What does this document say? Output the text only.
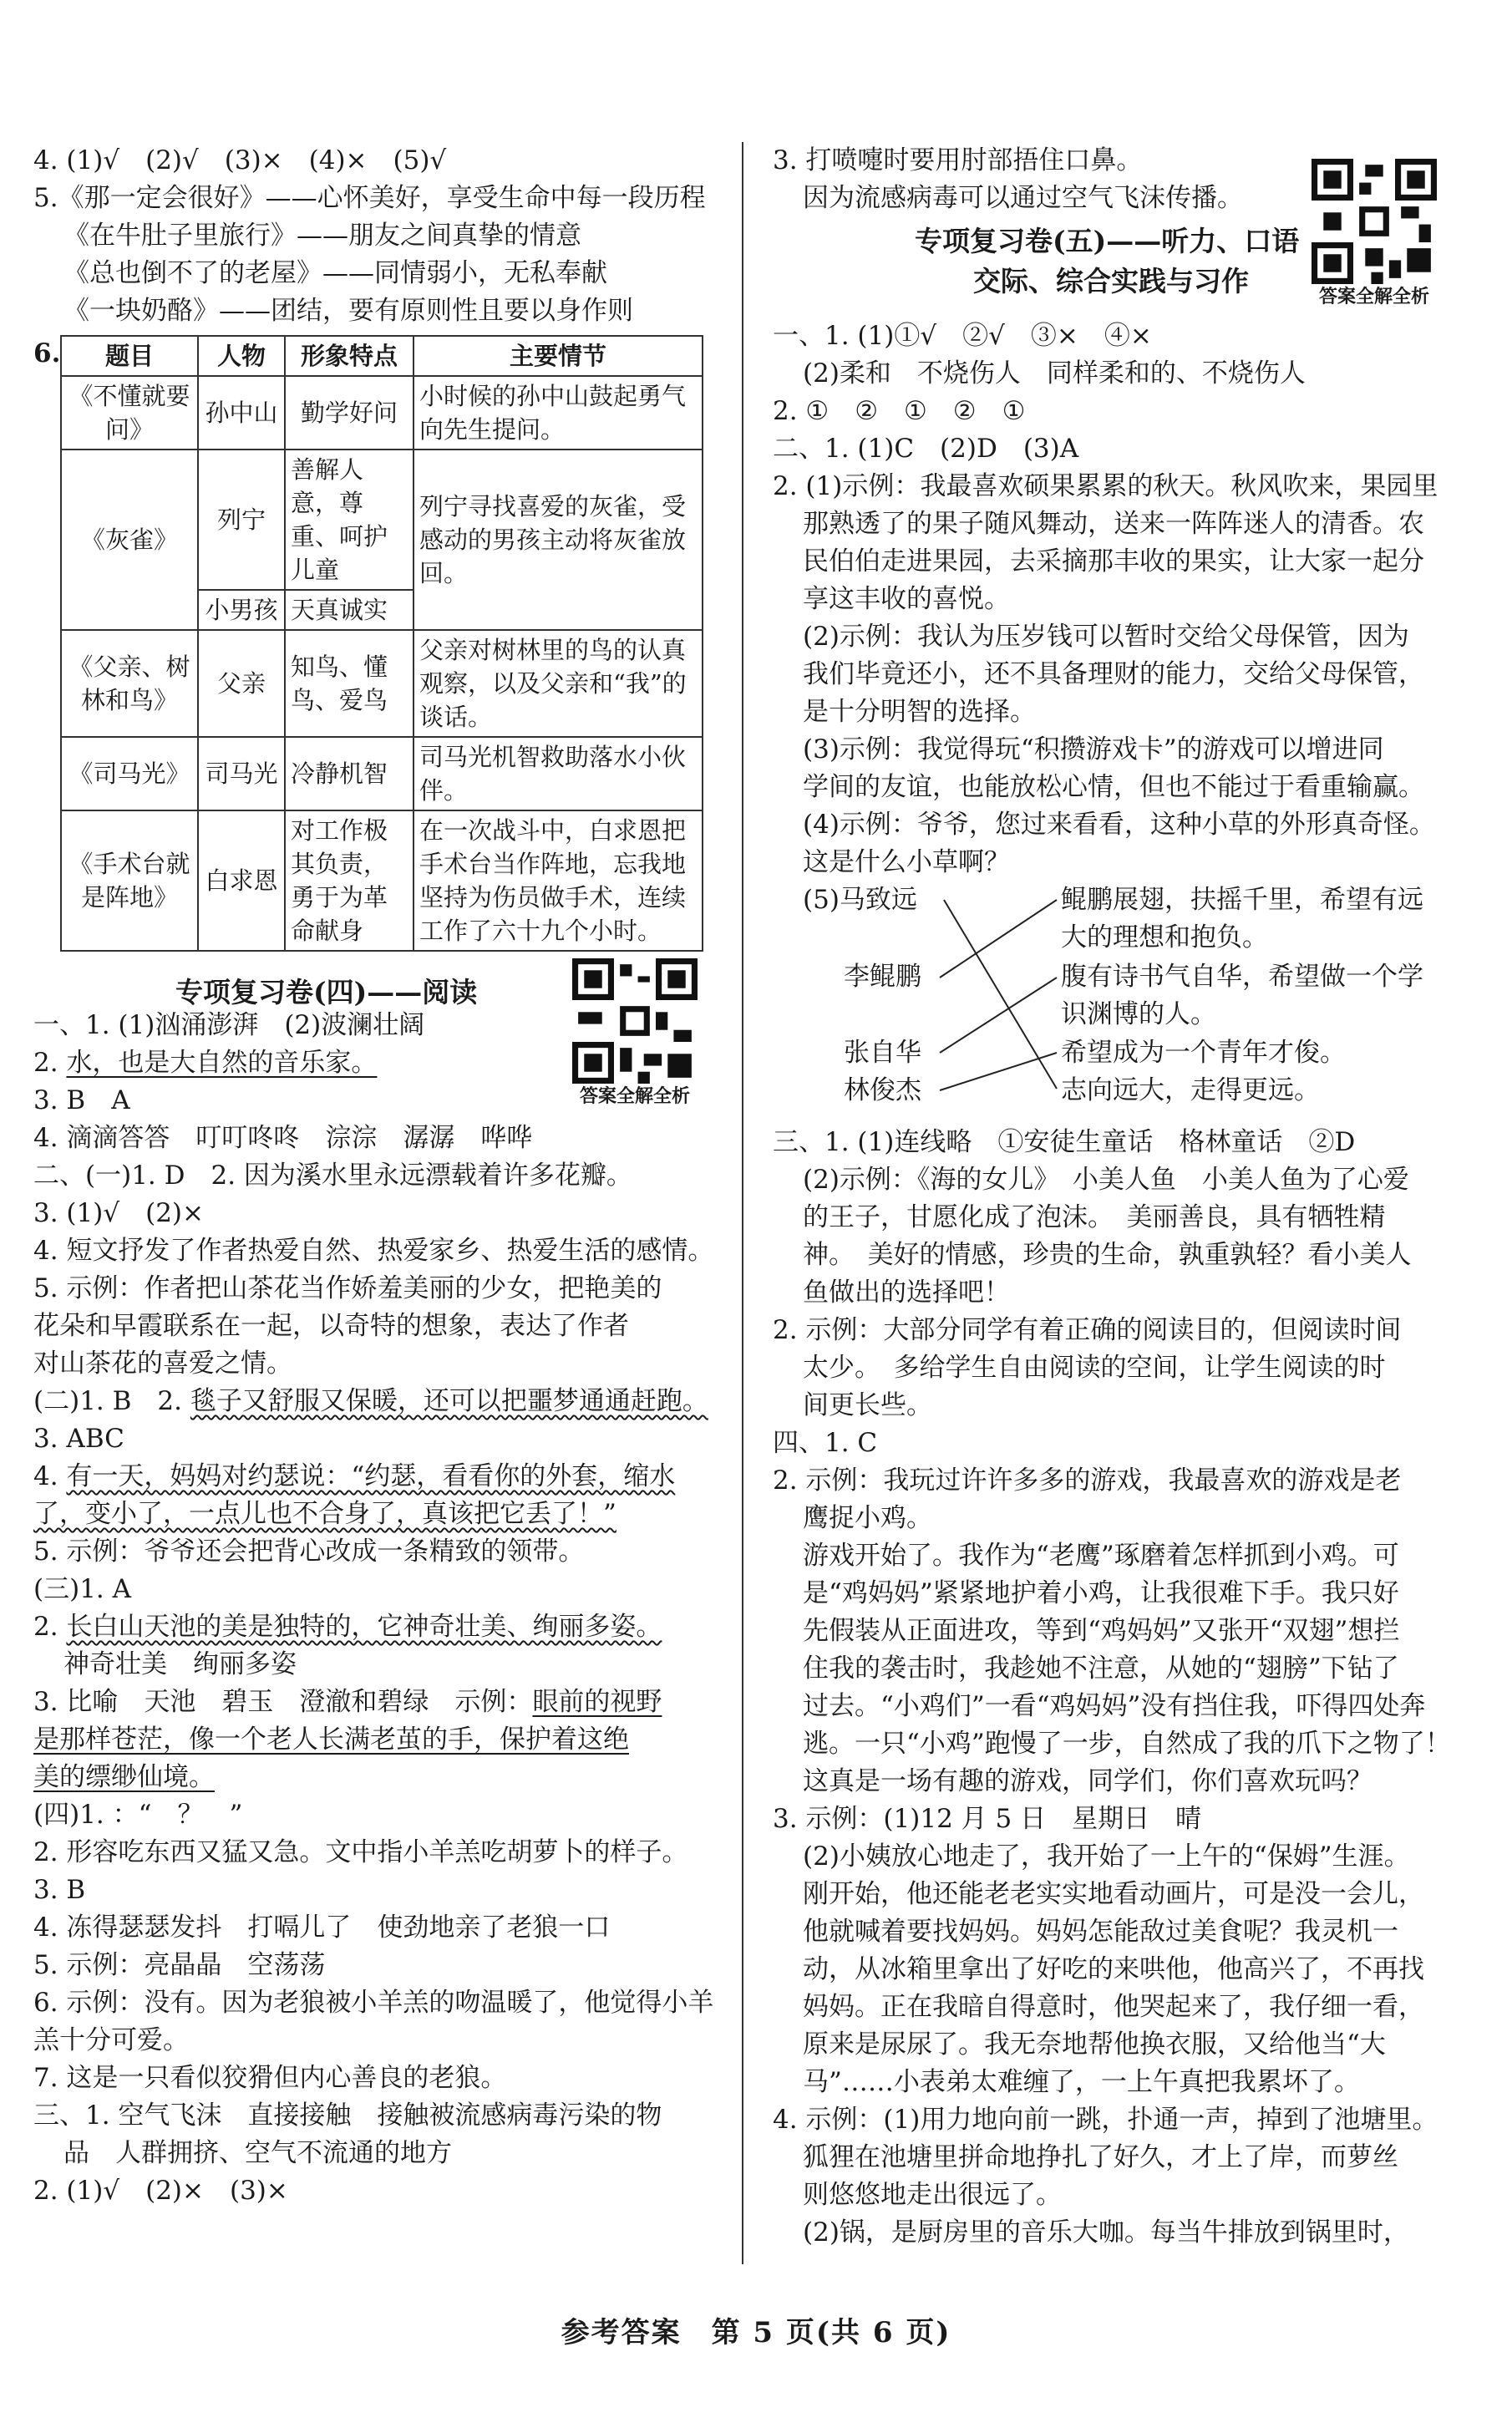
4. (1)√　(2)√　(3)×　(4)×　(5)√

5.《那一定会很好》——心怀美好，享受生命中每一段历程

《在牛肚子里旅行》——朋友之间真挚的情意

《总也倒不了的老屋》——同情弱小，无私奉献

《一块奶酪》——团结，要有原则性且要以身作则

6. 题目	人物	形象特点	主要情节
《不懂就要问》	孙中山	勤学好问	小时候的孙中山鼓起勇气向先生提问。
《灰雀》	列宁	善解人意，尊重、呵护儿童	列宁寻找喜爱的灰雀，受感动的男孩主动将灰雀放回。
	小男孩	天真诚实	
《父亲、树林和鸟》	父亲	知鸟、懂鸟、爱鸟	父亲对树林里的鸟的认真观察，以及父亲和“我”的谈话。
《司马光》	司马光	冷静机智	司马光机智救助落水小伙伴。
《手术台就是阵地》	白求恩	对工作极其负责，勇于为革命献身	在一次战斗中，白求恩把手术台当作阵地，忘我地坚持为伤员做手术，连续工作了六十九个小时。

专项复习卷(四)——阅读

答案全解全析

一、1. (1)汹涌澎湃　(2)波澜壮阔

2. 水，也是大自然的音乐家。

3. B　A

4. 滴滴答答　叮叮咚咚　淙淙　潺潺　哗哗

二、(一)1. D　2. 因为溪水里永远漂载着许多花瓣。

3. (1)√　(2)×

4. 短文抒发了作者热爱自然、热爱家乡、热爱生活的感情。

5. 示例：作者把山茶花当作娇羞美丽的少女，把艳美的

花朵和早霞联系在一起，以奇特的想象，表达了作者

对山茶花的喜爱之情。

(二)1. B　2. 毯子又舒服又保暖，还可以把噩梦通通赶跑。

3. ABC

4. 有一天，妈妈对约瑟说：“约瑟，看看你的外套，缩水

了，变小了，一点儿也不合身了，真该把它丢了！”

5. 示例：爷爷还会把背心改成一条精致的领带。

(三)1. A

2. 长白山天池的美是独特的，它神奇壮美、绚丽多姿。

神奇壮美　绚丽多姿

3. 比喻　天池　碧玉　澄澈和碧绿　示例：眼前的视野

是那样苍茫，像一个老人长满老茧的手，保护着这绝

美的缥缈仙境。

(四)1. ：“　？　”

2. 形容吃东西又猛又急。文中指小羊羔吃胡萝卜的样子。

3. B

4. 冻得瑟瑟发抖　打嗝儿了　使劲地亲了老狼一口

5. 示例：亮晶晶　空荡荡

6. 示例：没有。因为老狼被小羊羔的吻温暖了，他觉得小羊

羔十分可爱。

7. 这是一只看似狡猾但内心善良的老狼。

三、1. 空气飞沫　直接接触　接触被流感病毒污染的物

品　人群拥挤、空气不流通的地方

2. (1)√　(2)×　(3)×

3. 打喷嚏时要用肘部捂住口鼻。

因为流感病毒可以通过空气飞沫传播。

专项复习卷(五)——听力、口语

交际、综合实践与习作	答案全解全析

一、1. (1)①√　②√　③×　④×

(2)柔和　不烧伤人　同样柔和的、不烧伤人

2. ①　②　①　②　①

二、1. (1)C　(2)D　(3)A

2. (1)示例：我最喜欢硕果累累的秋天。秋风吹来，果园里

那熟透了的果子随风舞动，送来一阵阵迷人的清香。农

民伯伯走进果园，去采摘那丰收的果实，让大家一起分

享这丰收的喜悦。

(2)示例：我认为压岁钱可以暂时交给父母保管，因为

我们毕竟还小，还不具备理财的能力，交给父母保管，

是十分明智的选择。

(3)示例：我觉得玩“积攒游戏卡”的游戏可以增进同

学间的友谊，也能放松心情，但也不能过于看重输赢。

(4)示例：爷爷，您过来看看，这种小草的外形真奇怪。

这是什么小草啊？

(5)马致远
李鲲鹏
张自华
林俊杰
鲲鹏展翅，扶摇千里，希望有远
大的理想和抱负。
腹有诗书气自华，希望做一个学
识渊博的人。
希望成为一个青年才俊。
志向远大，走得更远。

三、1. (1)连线略　①安徒生童话　格林童话　②D

(2)示例：《海的女儿》　小美人鱼　小美人鱼为了心爱

的王子，甘愿化成了泡沫。　美丽善良，具有牺牲精

神。　美好的情感，珍贵的生命，孰重孰轻？看小美人

鱼做出的选择吧！

2. 示例：大部分同学有着正确的阅读目的，但阅读时间

太少。　多给学生自由阅读的空间，让学生阅读的时

间更长些。

四、1. C

2. 示例：我玩过许许多多的游戏，我最喜欢的游戏是老

鹰捉小鸡。

游戏开始了。我作为“老鹰”琢磨着怎样抓到小鸡。可

是“鸡妈妈”紧紧地护着小鸡，让我很难下手。我只好

先假装从正面进攻，等到“鸡妈妈”又张开“双翅”想拦

住我的袭击时，我趁她不注意，从她的“翅膀”下钻了

过去。“小鸡们”一看“鸡妈妈”没有挡住我，吓得四处奔

逃。一只“小鸡”跑慢了一步，自然成了我的爪下之物了！

这真是一场有趣的游戏，同学们，你们喜欢玩吗？

3. 示例：(1)12 月 5 日　星期日　晴

(2)小姨放心地走了，我开始了一上午的“保姆”生涯。

刚开始，他还能老老实实地看动画片，可是没一会儿，

他就喊着要找妈妈。妈妈怎能敌过美食呢？我灵机一

动，从冰箱里拿出了好吃的来哄他，他高兴了，不再找

妈妈。正在我暗自得意时，他哭起来了，我仔细一看，

原来是尿尿了。我无奈地帮他换衣服，又给他当“大

马”……小表弟太难缠了，一上午真把我累坏了。

4. 示例：(1)用力地向前一跳，扑通一声，掉到了池塘里。

狐狸在池塘里拼命地挣扎了好久，才上了岸，而萝丝

则悠悠地走出很远了。

(2)锅，是厨房里的音乐大咖。每当牛排放到锅里时，

参考答案　第 5 页(共 6 页)
